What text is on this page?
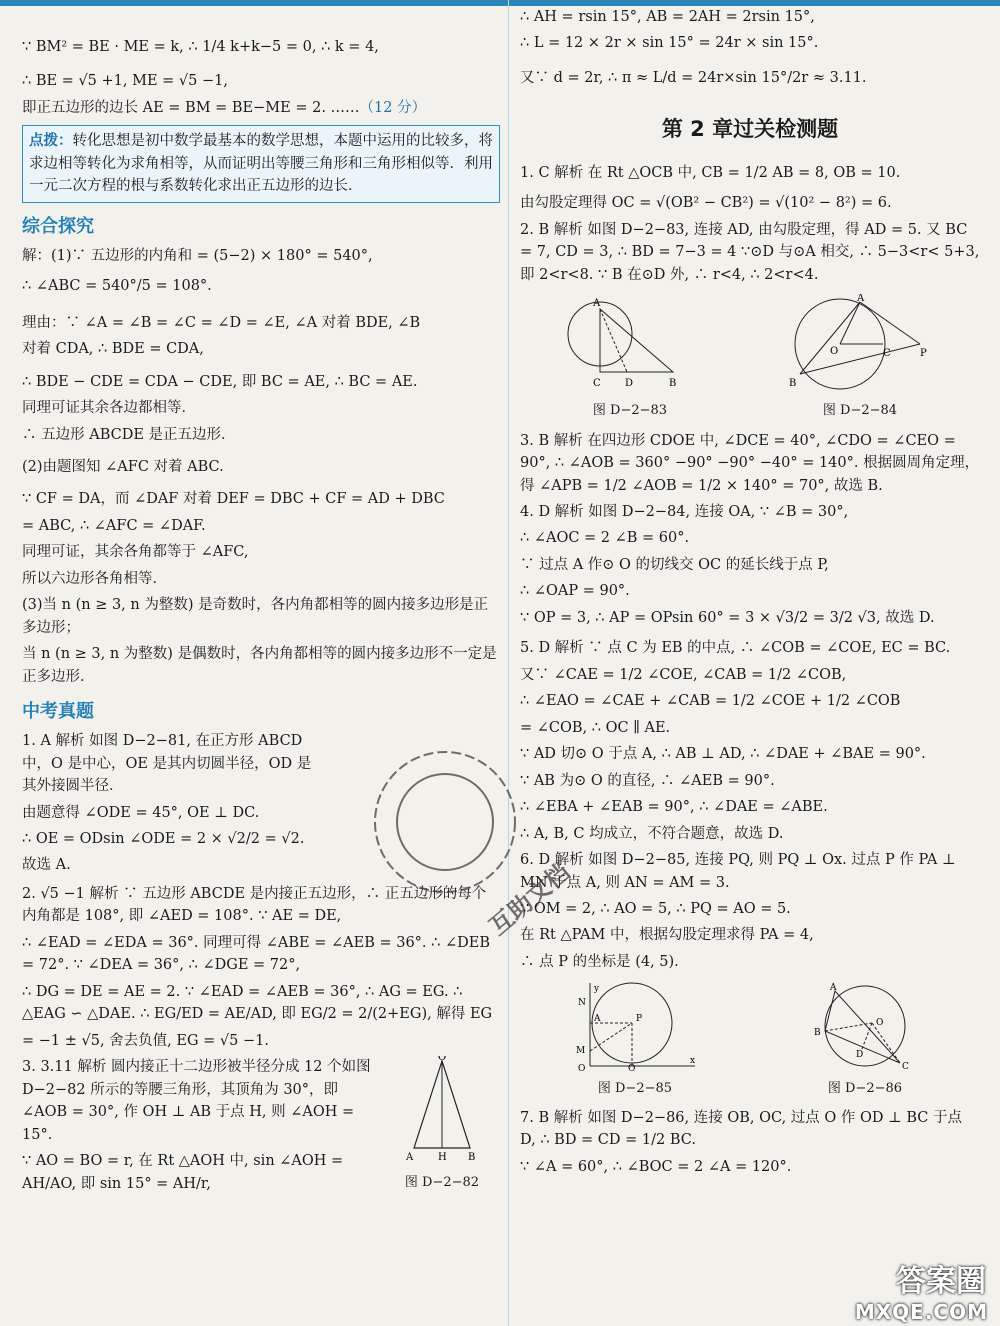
∵ BM² = BE · ME = k, ∴ 1/4 k+k−5 = 0, ∴ k = 4,

∴ BE = √5 +1, ME = √5 −1,

即正五边形的边长 AE = BM = BE−ME = 2. ……（12 分）

点拨：转化思想是初中数学最基本的数学思想，本题中运用的比较多，将求边相等转化为求角相等，从而证明出等腰三角形和三角形相似等．利用一元二次方程的根与系数转化求出正五边形的边长．
综合探究

解：(1)∵ 五边形的内角和 = (5−2) × 180° = 540°,

∴ ∠ABC = 540°/5 = 108°.

理由：∵ ∠A = ∠B = ∠C = ∠D = ∠E, ∠A 对着 BDE, ∠B

对着 CDA, ∴ BDE = CDA,

∴ BDE − CDE = CDA − CDE, 即 BC = AE, ∴ BC = AE.

同理可证其余各边都相等．

∴ 五边形 ABCDE 是正五边形．

(2)由题图知 ∠AFC 对着 ABC.

∵ CF = DA，而 ∠DAF 对着 DEF = DBC + CF = AD + DBC

= ABC, ∴ ∠AFC = ∠DAF.

同理可证，其余各角都等于 ∠AFC,

所以六边形各角相等．

(3)当 n (n ≥ 3, n 为整数) 是奇数时，各内角都相等的圆内接多边形是正多边形；

当 n (n ≥ 3, n 为整数) 是偶数时，各内角都相等的圆内接多边形不一定是正多边形．

中考真题

1. A 解析 如图 D−2−81, 在正方形 ABCD 中，O 是中心，OE 是其内切圆半径，OD 是其外接圆半径．

由题意得 ∠ODE = 45°, OE ⊥ DC.

∴ OE = ODsin ∠ODE = 2 × √2/2 = √2.

故选 A.

2. √5 −1 解析 ∵ 五边形 ABCDE 是内接正五边形，∴ 正五边形的每个内角都是 108°, 即 ∠AED = 108°. ∵ AE = DE,

∴ ∠EAD = ∠EDA = 36°. 同理可得 ∠ABE = ∠AEB = 36°. ∴ ∠DEB = 72°. ∵ ∠DEA = 36°, ∴ ∠DGE = 72°,

∴ DG = DE = AE = 2. ∵ ∠EAD = ∠AEB = 36°, ∴ AG = EG. ∴ △EAG ∽ △DAE. ∴ EG/ED = AE/AD, 即 EG/2 = 2/(2+EG), 解得 EG

= −1 ± √5, 舍去负值, EG = √5 −1.

3. 3.11 解析 圆内接正十二边形被半径分成 12 个如图 D−2−82 所示的等腰三角形，其顶角为 30°，即 ∠AOB = 30°, 作 OH ⊥ AB 于点 H, 则 ∠AOH = 15°.

∵ AO = BO = r, 在 Rt △AOH 中, sin ∠AOH = AH/AO, 即 sin 15° = AH/r,

O
A H B
图 D−2−82

∴ AH = rsin 15°, AB = 2AH = 2rsin 15°,

∴ L = 12 × 2r × sin 15° = 24r × sin 15°.

又∵ d = 2r, ∴ π ≈ L/d = 24r×sin 15°/2r ≈ 3.11.

第 2 章过关检测题

1. C 解析 在 Rt △OCB 中, CB = 1/2 AB = 8, OB = 10.

由勾股定理得 OC = √(OB² − CB²) = √(10² − 8²) = 6.

2. B 解析 如图 D−2−83, 连接 AD, 由勾股定理，得 AD = 5. 又 BC = 7, CD = 3, ∴ BD = 7−3 = 4 ∵⊙D 与⊙A 相交, ∴ 5−3<r< 5+3, 即 2<r<8. ∵ B 在⊙D 外, ∴ r<4, ∴ 2<r<4.

A
C D	B
图 D−2−83
A
O	C	P
B
图 D−2−84

3. B 解析 在四边形 CDOE 中, ∠DCE = 40°, ∠CDO = ∠CEO = 90°, ∴ ∠AOB = 360° −90° −90° −40° = 140°. 根据圆周角定理，得 ∠APB = 1/2 ∠AOB = 1/2 × 140° = 70°, 故选 B.

4. D 解析 如图 D−2−84, 连接 OA, ∵ ∠B = 30°,

∴ ∠AOC = 2 ∠B = 60°.

∵ 过点 A 作⊙ O 的切线交 OC 的延长线于点 P,

∴ ∠OAP = 90°.

∵ OP = 3, ∴ AP = OPsin 60° = 3 × √3/2 = 3/2 √3, 故选 D.

5. D 解析 ∵ 点 C 为 EB 的中点, ∴ ∠COB = ∠COE, EC = BC.

又∵ ∠CAE = 1/2 ∠COE, ∠CAB = 1/2 ∠COB,

∴ ∠EAO = ∠CAE + ∠CAB = 1/2 ∠COE + 1/2 ∠COB

= ∠COB, ∴ OC ∥ AE.

∵ AD 切⊙ O 于点 A, ∴ AB ⊥ AD, ∴ ∠DAE + ∠BAE = 90°.

∵ AB 为⊙ O 的直径, ∴ ∠AEB = 90°.

∴ ∠EBA + ∠EAB = 90°, ∴ ∠DAE = ∠ABE.

∴ A, B, C 均成立，不符合题意，故选 D.

6. D 解析 如图 D−2−85, 连接 PQ, 则 PQ ⊥ Ox. 过点 P 作 PA ⊥ MN 于点 A, 则 AN = AM = 3.

∵ OM = 2, ∴ AO = 5, ∴ PQ = AO = 5.

在 Rt △PAM 中，根据勾股定理求得 PA = 4,

∴ 点 P 的坐标是 (4, 5).

y
N
A	P
M
O	Q
x
图 D−2−85
A
B
O
D
C
图 D−2−86

7. B 解析 如图 D−2−86, 连接 OB, OC, 过点 O 作 OD ⊥ BC 于点 D, ∴ BD = CD = 1/2 BC.

∵ ∠A = 60°, ∴ ∠BOC = 2 ∠A = 120°.

互助文档
答案圈
MXQE.COM
